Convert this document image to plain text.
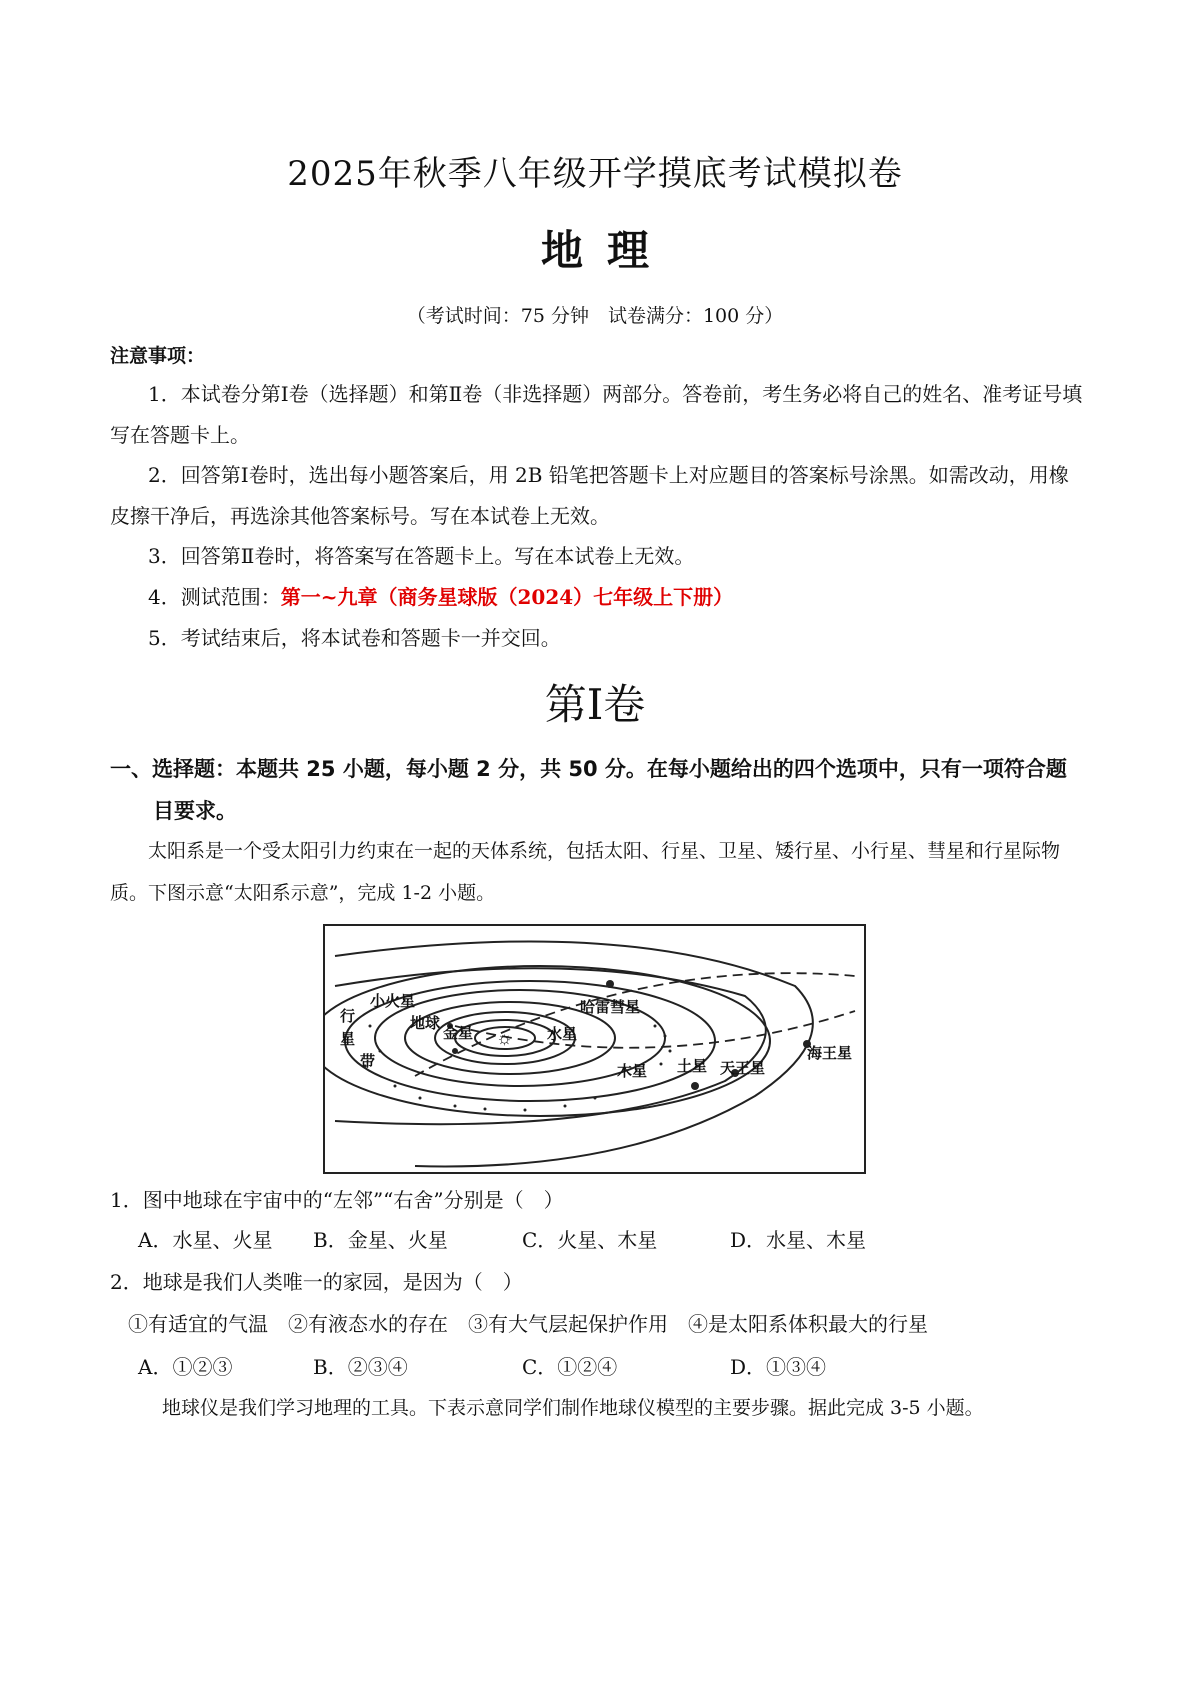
2025年秋季八年级开学摸底考试模拟卷
地理
（考试时间：75 分钟　试卷满分：100 分）
注意事项：
1．本试卷分第Ⅰ卷（选择题）和第Ⅱ卷（非选择题）两部分。答卷前，考生务必将自己的姓名、准考证号填写在答题卡上。
2．回答第Ⅰ卷时，选出每小题答案后，用 2B 铅笔把答题卡上对应题目的答案标号涂黑。如需改动，用橡皮擦干净后，再选涂其他答案标号。写在本试卷上无效。
3．回答第Ⅱ卷时，将答案写在答题卡上。写在本试卷上无效。
4．测试范围：第一~九章（商务星球版（2024）七年级上下册）
5．考试结束后，将本试卷和答题卡一并交回。
第Ⅰ卷
一、选择题：本题共 25 小题，每小题 2 分，共 50 分。在每小题给出的四个选项中，只有一项符合题
目要求。
太阳系是一个受太阳引力约束在一起的天体系统，包括太阳、行星、卫星、矮行星、小行星、彗星和行星际物质。下图示意“太阳系示意”，完成 1-2 小题。
行
星
带
小火星
地球
金星	水星
哈雷彗星
木星 土星 天王星
海王星
☼
1．图中地球在宇宙中的“左邻”“右舍”分别是（　）
A．水星、火星 B．金星、火星	C．火星、木星	D．水星、木星
2．地球是我们人类唯一的家园，是因为（　）
①有适宜的气温　②有液态水的存在　③有大气层起保护作用　④是太阳系体积最大的行星
A．①②③	B．②③④	C．①②④	D．①③④
地球仪是我们学习地理的工具。下表示意同学们制作地球仪模型的主要步骤。据此完成 3-5 小题。
